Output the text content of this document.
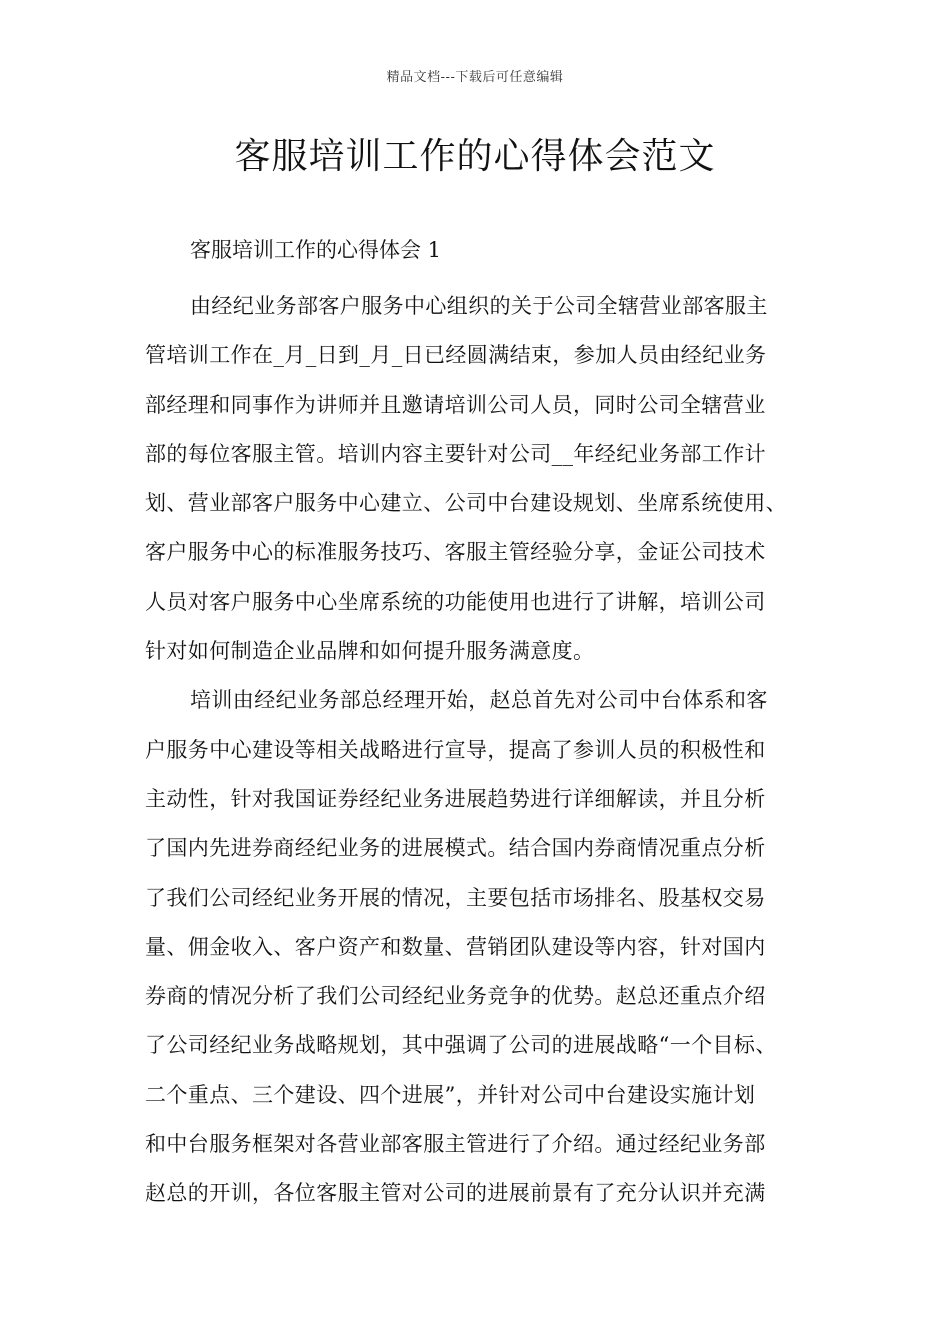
精品文档---下载后可任意编辑
客服培训工作的心得体会范文
客服培训工作的心得体会 1
由经纪业务部客户服务中心组织的关于公司全辖营业部客服主
管培训工作在_月_日到_月_日已经圆满结束，参加人员由经纪业务
部经理和同事作为讲师并且邀请培训公司人员，同时公司全辖营业
部的每位客服主管。培训内容主要针对公司__年经纪业务部工作计
划、营业部客户服务中心建立、公司中台建设规划、坐席系统使用、
客户服务中心的标准服务技巧、客服主管经验分享，金证公司技术
人员对客户服务中心坐席系统的功能使用也进行了讲解，培训公司
针对如何制造企业品牌和如何提升服务满意度。
培训由经纪业务部总经理开始，赵总首先对公司中台体系和客
户服务中心建设等相关战略进行宣导，提高了参训人员的积极性和
主动性，针对我国证券经纪业务进展趋势进行详细解读，并且分析
了国内先进券商经纪业务的进展模式。结合国内券商情况重点分析
了我们公司经纪业务开展的情况，主要包括市场排名、股基权交易
量、佣金收入、客户资产和数量、营销团队建设等内容，针对国内
券商的情况分析了我们公司经纪业务竞争的优势。赵总还重点介绍
了公司经纪业务战略规划，其中强调了公司的进展战略“一个目标、
二个重点、三个建设、四个进展”，并针对公司中台建设实施计划
和中台服务框架对各营业部客服主管进行了介绍。通过经纪业务部
赵总的开训，各位客服主管对公司的进展前景有了充分认识并充满
